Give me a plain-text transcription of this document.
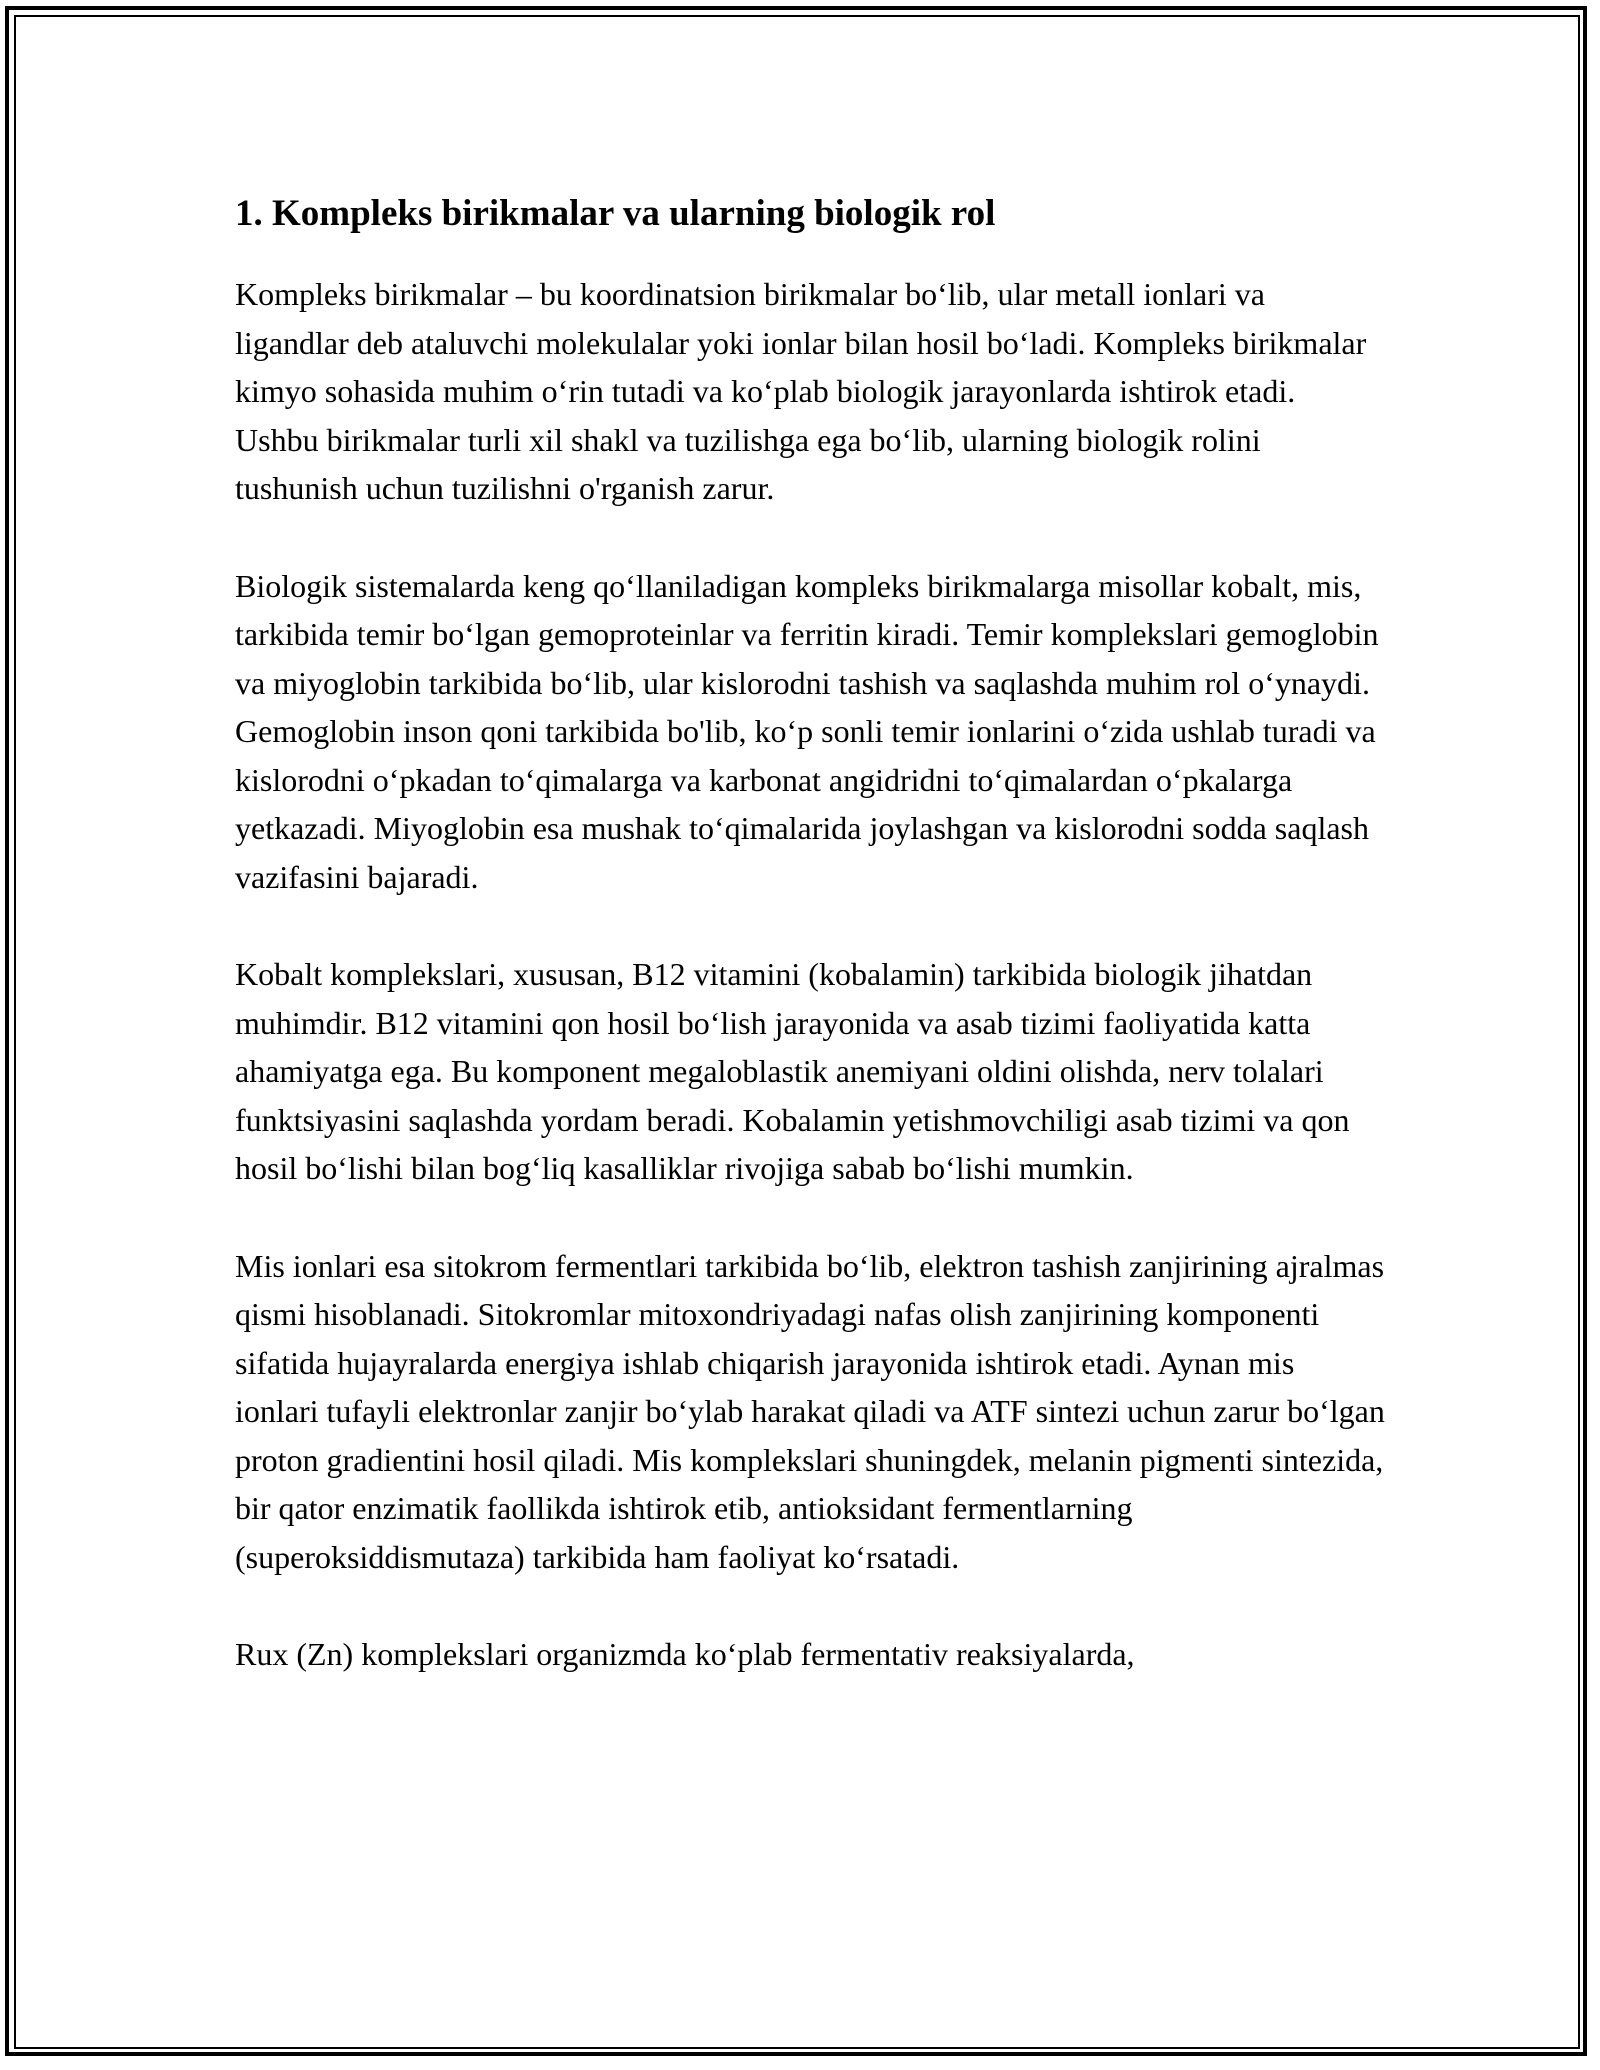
1. Kompleks birikmalar va ularning biologik rol

Kompleks birikmalar – bu koordinatsion birikmalar bo‘lib, ular metall ionlari va ligandlar deb ataluvchi molekulalar yoki ionlar bilan hosil bo‘ladi. Kompleks birikmalar kimyo sohasida muhim o‘rin tutadi va ko‘plab biologik jarayonlarda ishtirok etadi. Ushbu birikmalar turli xil shakl va tuzilishga ega bo‘lib, ularning biologik rolini tushunish uchun tuzilishni o'rganish zarur.

Biologik sistemalarda keng qo‘llaniladigan kompleks birikmalarga misollar kobalt, mis, tarkibida temir bo‘lgan gemoproteinlar va ferritin kiradi. Temir komplekslari gemoglobin va miyoglobin tarkibida bo‘lib, ular kislorodni tashish va saqlashda muhim rol o‘ynaydi. Gemoglobin inson qoni tarkibida bo'lib, ko‘p sonli temir ionlarini o‘zida ushlab turadi va kislorodni o‘pkadan to‘qimalarga va karbonat angidridni to‘qimalardan o‘pkalarga yetkazadi. Miyoglobin esa mushak to‘qimalarida joylashgan va kislorodni sodda saqlash vazifasini bajaradi.

Kobalt komplekslari, xususan, B12 vitamini (kobalamin) tarkibida biologik jihatdan muhimdir. B12 vitamini qon hosil bo‘lish jarayonida va asab tizimi faoliyatida katta ahamiyatga ega. Bu komponent megaloblastik anemiyani oldini olishda, nerv tolalari funktsiyasini saqlashda yordam beradi. Kobalamin yetishmovchiligi asab tizimi va qon hosil bo‘lishi bilan bog‘liq kasalliklar rivojiga sabab bo‘lishi mumkin.

Mis ionlari esa sitokrom fermentlari tarkibida bo‘lib, elektron tashish zanjirining ajralmas qismi hisoblanadi. Sitokromlar mitoxondriyadagi nafas olish zanjirining komponenti sifatida hujayralarda energiya ishlab chiqarish jarayonida ishtirok etadi. Aynan mis ionlari tufayli elektronlar zanjir bo‘ylab harakat qiladi va ATF sintezi uchun zarur bo‘lgan proton gradientini hosil qiladi. Mis komplekslari shuningdek, melanin pigmenti sintezida, bir qator enzimatik faollikda ishtirok etib, antioksidant fermentlarning (superoksiddismutaza) tarkibida ham faoliyat ko‘rsatadi.

Rux (Zn) komplekslari organizmda ko‘plab fermentativ reaksiyalarda,
